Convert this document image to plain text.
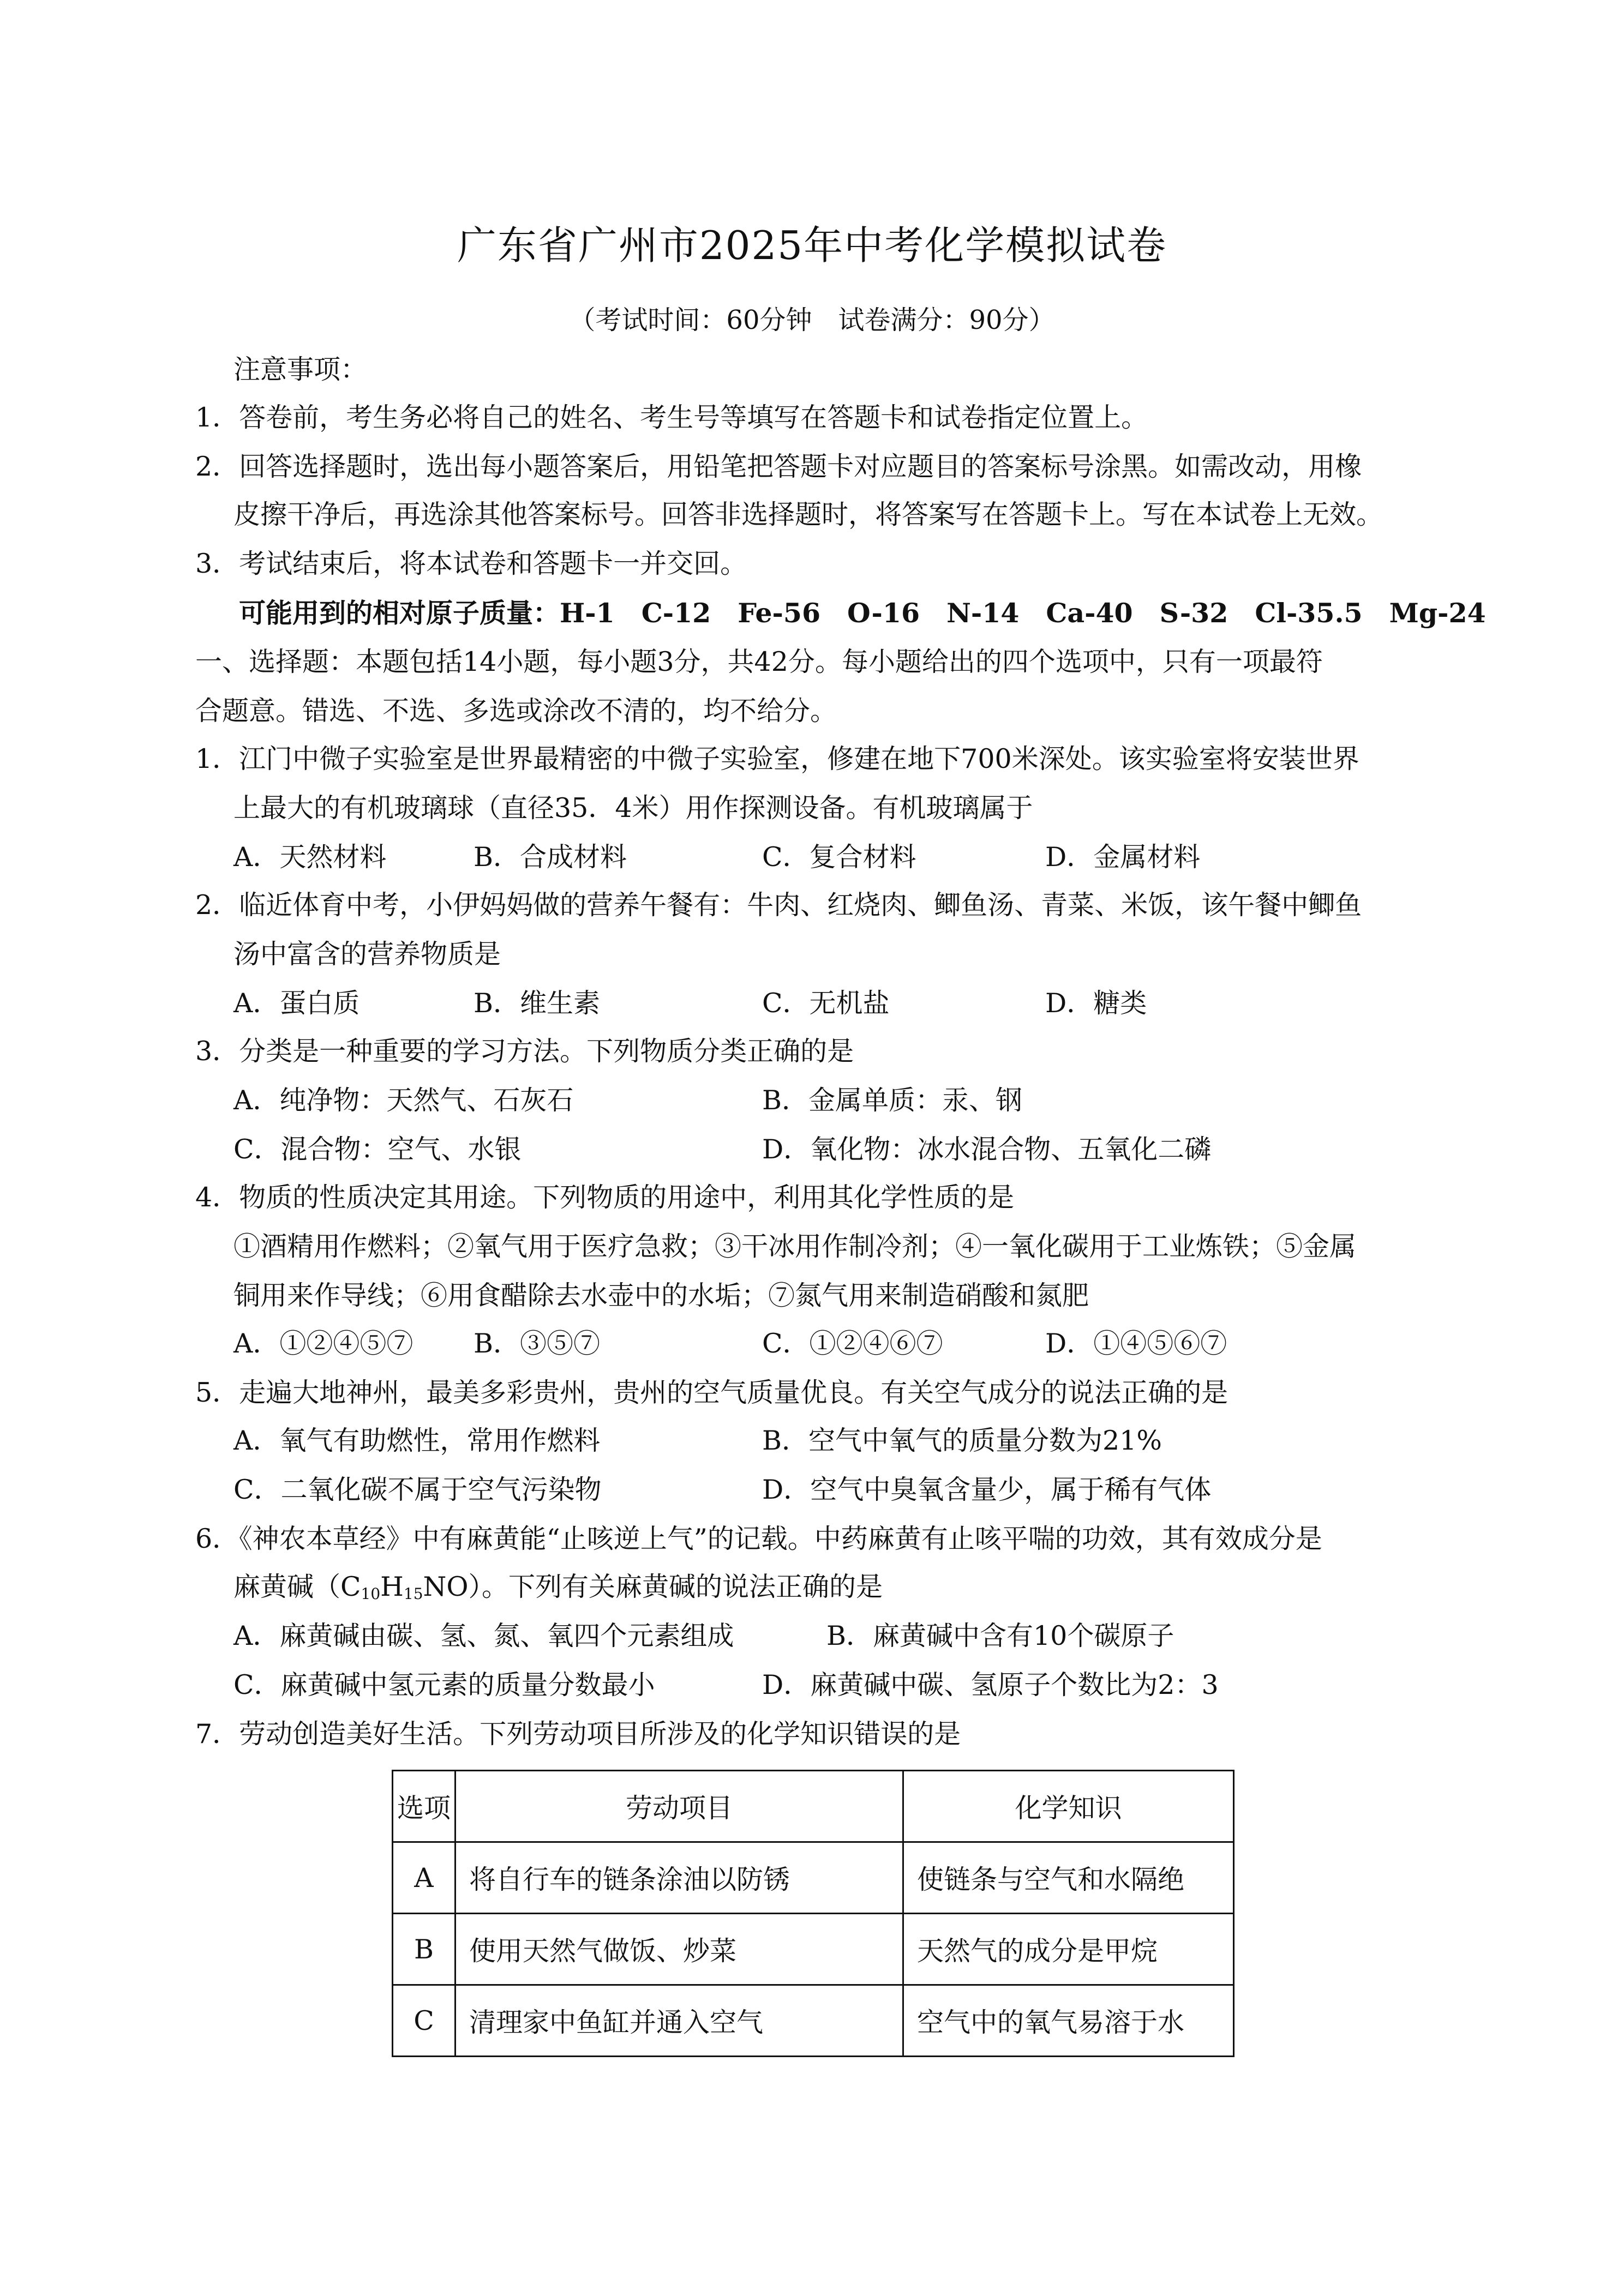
广东省广州市2025年中考化学模拟试卷
（考试时间：60分钟　试卷满分：90分）
注意事项：
1．答卷前，考生务必将自己的姓名、考生号等填写在答题卡和试卷指定位置上。
2．回答选择题时，选出每小题答案后，用铅笔把答题卡对应题目的答案标号涂黑。如需改动，用橡
皮擦干净后，再选涂其他答案标号。回答非选择题时，将答案写在答题卡上。写在本试卷上无效。
3．考试结束后，将本试卷和答题卡一并交回。
可能用到的相对原子质量：H-1　C-12　Fe-56　O-16　N-14　Ca-40　S-32　Cl-35.5　Mg-24
一、选择题：本题包括14小题，每小题3分，共42分。每小题给出的四个选项中，只有一项最符
合题意。错选、不选、多选或涂改不清的，均不给分。
1．江门中微子实验室是世界最精密的中微子实验室，修建在地下700米深处。该实验室将安装世界
上最大的有机玻璃球（直径35．4米）用作探测设备。有机玻璃属于
A．天然材料	B．合成材料	C．复合材料	D．金属材料
2．临近体育中考，小伊妈妈做的营养午餐有：牛肉、红烧肉、鲫鱼汤、青菜、米饭，该午餐中鲫鱼
汤中富含的营养物质是
A．蛋白质	B．维生素	C．无机盐	D．糖类
3．分类是一种重要的学习方法。下列物质分类正确的是
A．纯净物：天然气、石灰石	B．金属单质：汞、钢
C．混合物：空气、水银	D．氧化物：冰水混合物、五氧化二磷
4．物质的性质决定其用途。下列物质的用途中，利用其化学性质的是
①酒精用作燃料；②氧气用于医疗急救；③干冰用作制冷剂；④一氧化碳用于工业炼铁；⑤金属
铜用来作导线；⑥用食醋除去水壶中的水垢；⑦氮气用来制造硝酸和氮肥
A．①②④⑤⑦ B．③⑤⑦	C．①②④⑥⑦	D．①④⑤⑥⑦
5．走遍大地神州，最美多彩贵州，贵州的空气质量优良。有关空气成分的说法正确的是
A．氧气有助燃性，常用作燃料	B．空气中氧气的质量分数为21%
C．二氧化碳不属于空气污染物	D．空气中臭氧含量少，属于稀有气体
6．《神农本草经》中有麻黄能“止咳逆上气”的记载。中药麻黄有止咳平喘的功效，其有效成分是
麻黄碱$(C_{10}H_{15}NO)$。下列有关麻黄碱的说法正确的是
A．麻黄碱由碳、氢、氮、氧四个元素组成	B．麻黄碱中含有10个碳原子
C．麻黄碱中氢元素的质量分数最小	D．麻黄碱中碳、氢原子个数比为2：3
7．劳动创造美好生活。下列劳动项目所涉及的化学知识错误的是
选项	劳动项目	化学知识
A	将自行车的链条涂油以防锈	使链条与空气和水隔绝
B	使用天然气做饭、炒菜	天然气的成分是甲烷
C	清理家中鱼缸并通入空气	空气中的氧气易溶于水
